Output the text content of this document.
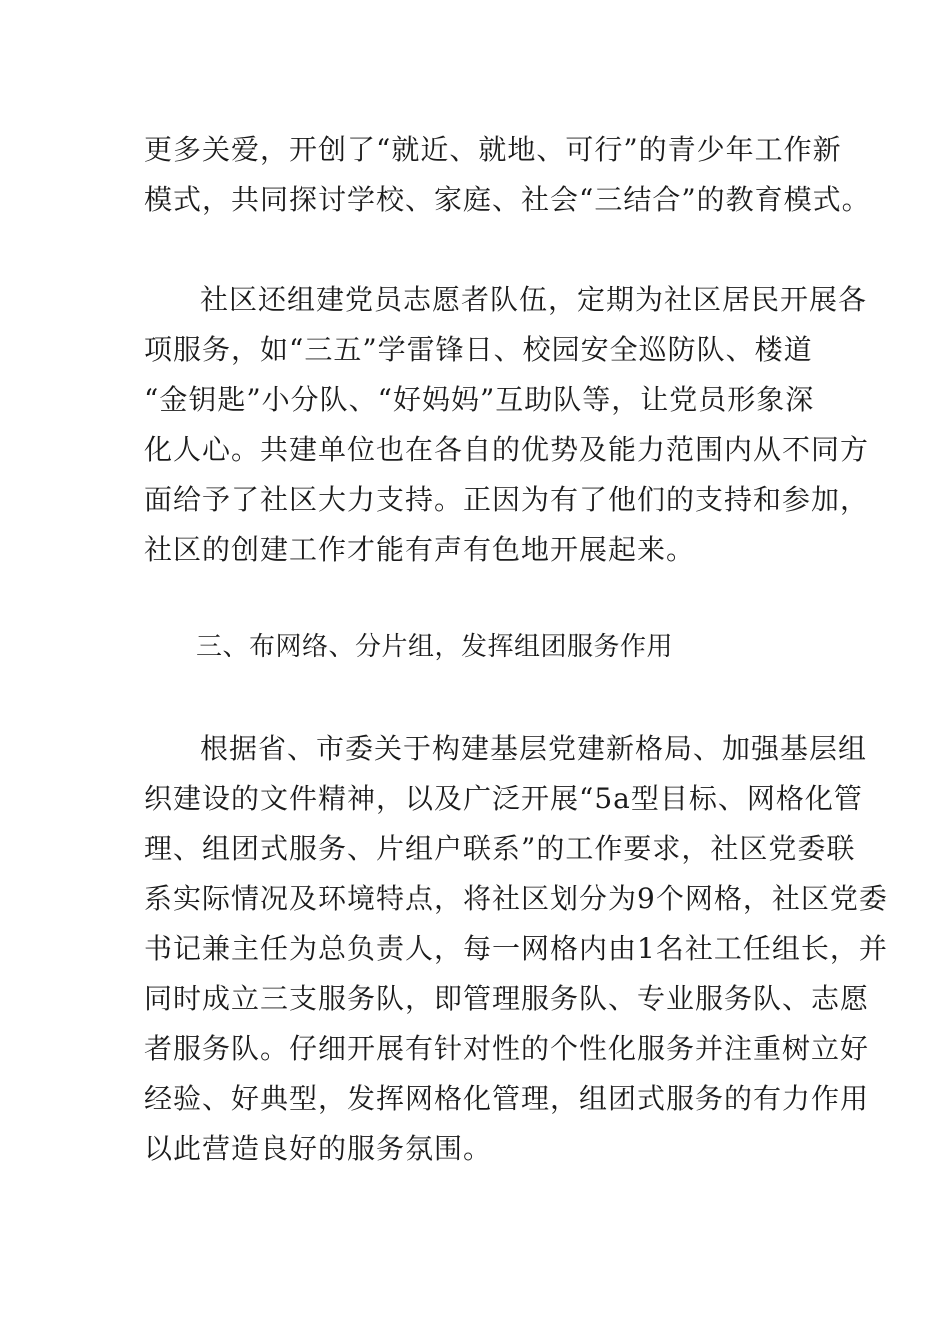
更多关爱，开创了“就近、就地、可行”的青少年工作新
模式，共同探讨学校、家庭、社会“三结合”的教育模式。
社区还组建党员志愿者队伍，定期为社区居民开展各
项服务，如“三五”学雷锋日、校园安全巡防队、楼道
“金钥匙”小分队、“好妈妈”互助队等，让党员形象深
化人心。共建单位也在各自的优势及能力范围内从不同方
面给予了社区大力支持。正因为有了他们的支持和参加，
社区的创建工作才能有声有色地开展起来。
三、布网络、分片组，发挥组团服务作用
根据省、市委关于构建基层党建新格局、加强基层组
织建设的文件精神，以及广泛开展“5a型目标、网格化管
理、组团式服务、片组户联系”的工作要求，社区党委联
系实际情况及环境特点，将社区划分为9个网格，社区党委
书记兼主任为总负责人，每一网格内由1名社工任组长，并
同时成立三支服务队，即管理服务队、专业服务队、志愿
者服务队。仔细开展有针对性的个性化服务并注重树立好
经验、好典型，发挥网格化管理，组团式服务的有力作用
以此营造良好的服务氛围。
